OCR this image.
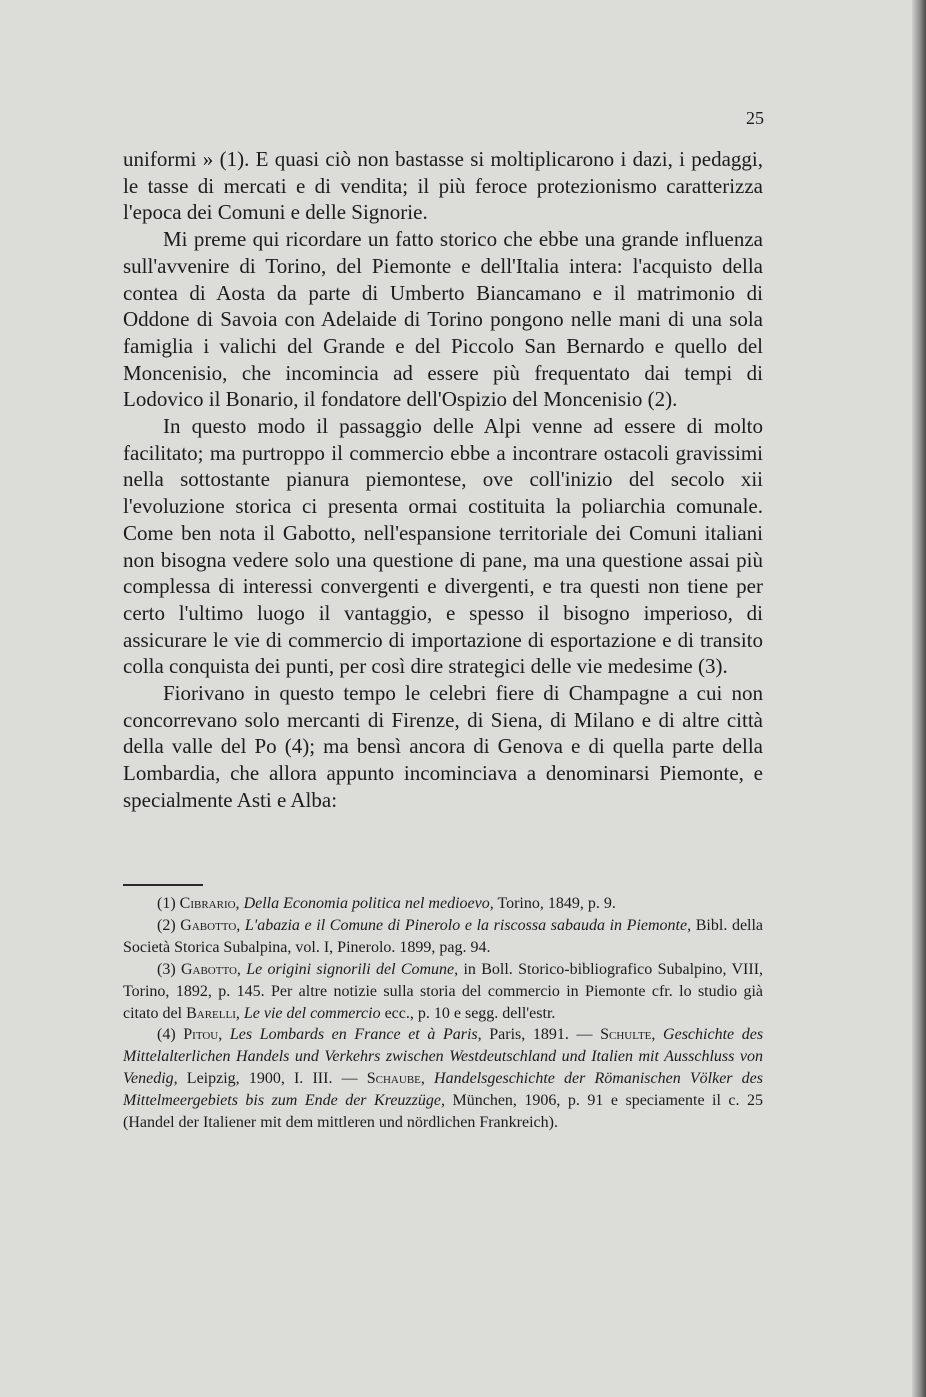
25

uniformi » (1). E quasi ciò non bastasse si moltiplicarono i dazi, i pedaggi, le tasse di mercati e di vendita; il più feroce protezionismo caratterizza l'epoca dei Comuni e delle Signorie.

Mi preme qui ricordare un fatto storico che ebbe una grande influenza sull'avvenire di Torino, del Piemonte e dell'Italia intera: l'acquisto della contea di Aosta da parte di Umberto Biancamano e il matrimonio di Oddone di Savoia con Adelaide di Torino pongono nelle mani di una sola famiglia i valichi del Grande e del Piccolo San Bernardo e quello del Moncenisio, che incomincia ad essere più frequentato dai tempi di Lodovico il Bonario, il fondatore dell'Ospizio del Moncenisio (2).

In questo modo il passaggio delle Alpi venne ad essere di molto facilitato; ma purtroppo il commercio ebbe a incontrare ostacoli gravissimi nella sottostante pianura piemontese, ove coll'inizio del secolo xii l'evoluzione storica ci presenta ormai costituita la poliarchia comunale. Come ben nota il Gabotto, nell'espansione territoriale dei Comuni italiani non bisogna vedere solo una questione di pane, ma una questione assai più complessa di interessi convergenti e divergenti, e tra questi non tiene per certo l'ultimo luogo il vantaggio, e spesso il bisogno imperioso, di assicurare le vie di commercio di importazione di esportazione e di transito colla conquista dei punti, per così dire strategici delle vie medesime (3).

Fiorivano in questo tempo le celebri fiere di Champagne a cui non concorrevano solo mercanti di Firenze, di Siena, di Milano e di altre città della valle del Po (4); ma bensì ancora di Genova e di quella parte della Lombardia, che allora appunto incominciava a denominarsi Piemonte, e specialmente Asti e Alba:

(1) Cibrario, Della Economia politica nel medioevo, Torino, 1849, p. 9.

(2) Gabotto, L'abazia e il Comune di Pinerolo e la riscossa sabauda in Piemonte, Bibl. della Società Storica Subalpina, vol. I, Pinerolo. 1899, pag. 94.

(3) Gabotto, Le origini signorili del Comune, in Boll. Storico-bibliografico Subalpino, VIII, Torino, 1892, p. 145. Per altre notizie sulla storia del commercio in Piemonte cfr. lo studio già citato del Barelli, Le vie del commercio ecc., p. 10 e segg. dell'estr.

(4) Pitou, Les Lombards en France et à Paris, Paris, 1891. — Schulte, Geschichte des Mittelalterlichen Handels und Verkehrs zwischen Westdeutschland und Italien mit Ausschluss von Venedig, Leipzig, 1900, I. III. — Schaube, Handelsgeschichte der Römanischen Völker des Mittelmeergebiets bis zum Ende der Kreuzzüge, München, 1906, p. 91 e speciamente il c. 25 (Handel der Italiener mit dem mittleren und nördlichen Frankreich).
